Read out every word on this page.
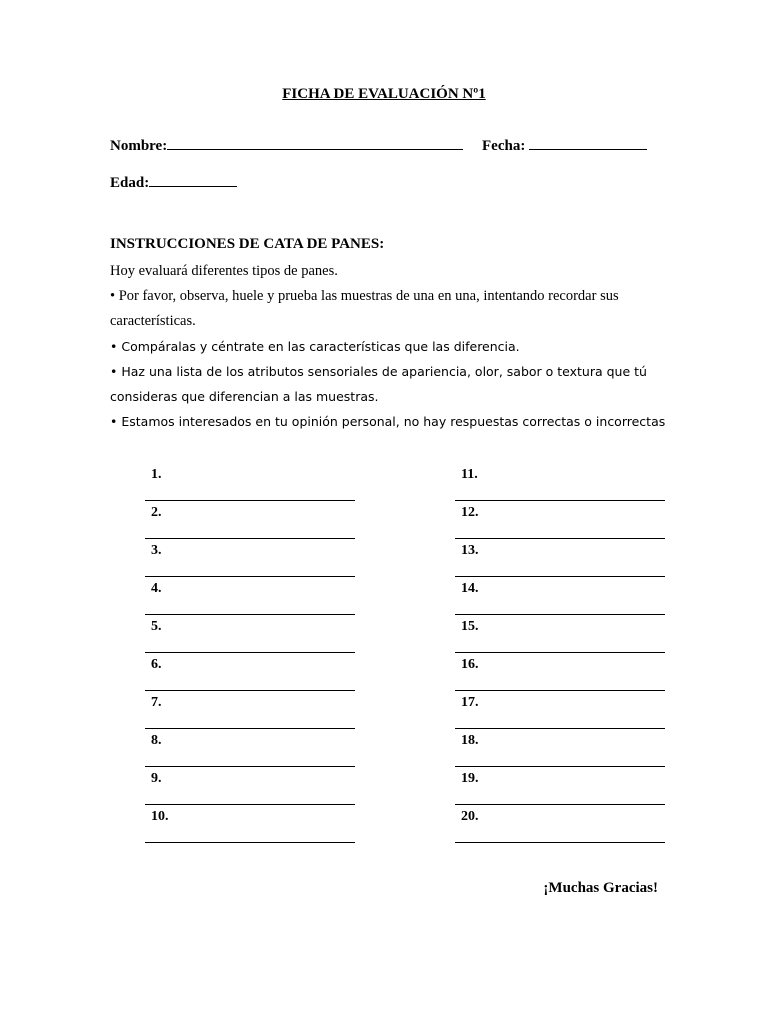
FICHA DE EVALUACIÓN Nº1
Nombre:	Fecha:
Edad:
INSTRUCCIONES DE CATA DE PANES:

Hoy evaluará diferentes tipos de panes.

• Por favor, observa, huele y prueba las muestras de una en una, intentando recordar sus

características.

• Compáralas y céntrate en las características que las diferencia.

• Haz una lista de los atributos sensoriales de apariencia, olor, sabor o textura que tú

consideras que diferencian a las muestras.

• Estamos interesados en tu opinión personal, no hay respuestas correctas o incorrectas

1.
2.
3.
4.
5.
6.
7.
8.
9.
10.
11.
12.
13.
14.
15.
16.
17.
18.
19.
20.
¡Muchas Gracias!
